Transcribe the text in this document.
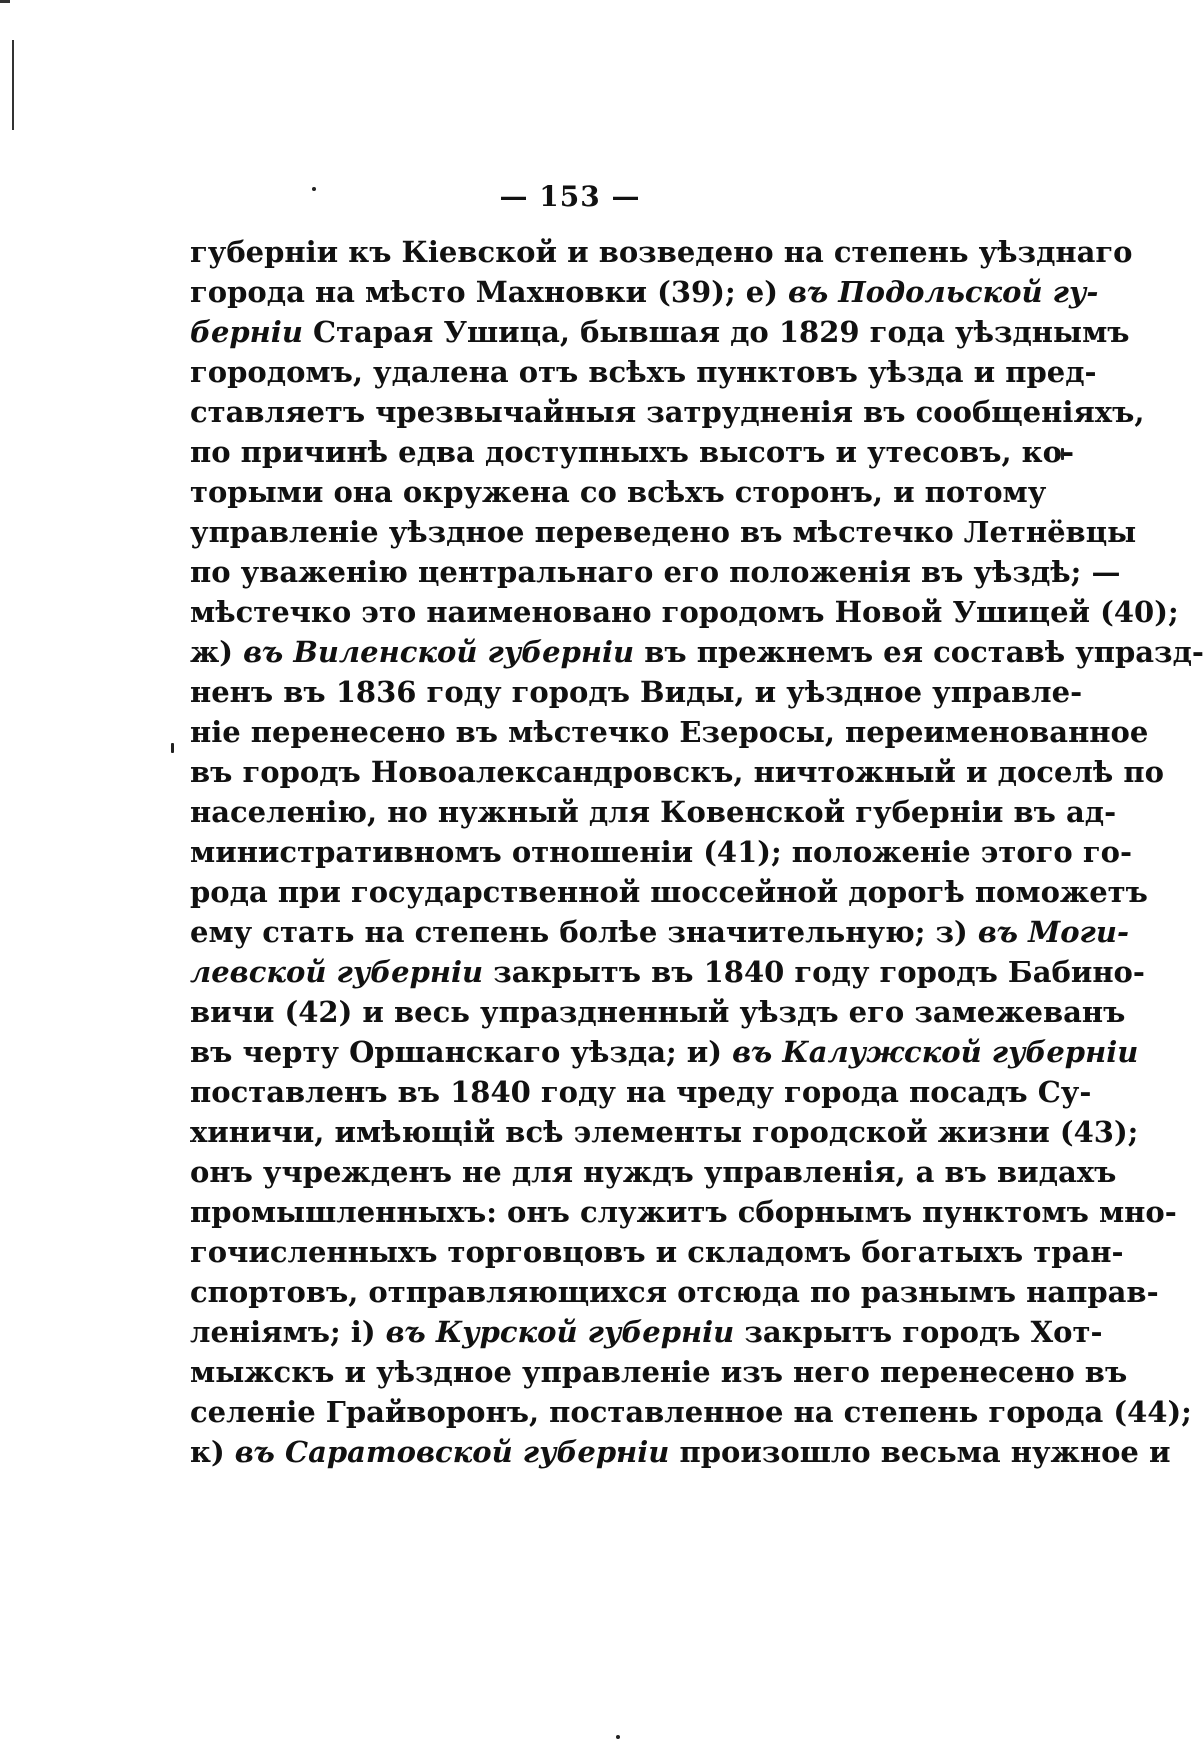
— 153 —
губерніи къ Кіевской и возведено на степень уѣзднаго
города на мѣсто Махновки (39); е) въ Подольской гу-
берніи Старая Ушица, бывшая до 1829 года уѣзднымъ
городомъ, удалена отъ всѣхъ пунктовъ уѣзда и пред-
ставляетъ чрезвычайныя затрудненія въ сообщеніяхъ,
по причинѣ едва доступныхъ высотъ и утесовъ, ко-
торыми она окружена со всѣхъ сторонъ, и потому
управленіе уѣздное переведено въ мѣстечко Летнёвцы
по уваженію центральнаго его положенія въ уѣздѣ; —
мѣстечко это наименовано городомъ Новой Ушицей (40);
ж) въ Виленской губерніи въ прежнемъ ея составѣ упразд-
ненъ въ 1836 году городъ Виды, и уѣздное управле-
ніе перенесено въ мѣстечко Езеросы, переименованное
въ городъ Новоалександровскъ, ничтожный и доселѣ по
населенію, но нужный для Ковенской губерніи въ ад-
министративномъ отношеніи (41); положеніе этого го-
рода при государственной шоссейной дорогѣ поможетъ
ему стать на степень болѣе значительную; з) въ Моги-
левской губерніи закрытъ въ 1840 году городъ Бабино-
вичи (42) и весь упраздненный уѣздъ его замежеванъ
въ черту Оршанскаго уѣзда; и) въ Калужской губерніи
поставленъ въ 1840 году на чреду города посадъ Су-
хиничи, имѣющій всѣ элементы городской жизни (43);
онъ учрежденъ не для нуждъ управленія, а въ видахъ
промышленныхъ: онъ служитъ сборнымъ пунктомъ мно-
гочисленныхъ торговцовъ и складомъ богатыхъ тран-
спортовъ, отправляющихся отсюда по разнымъ направ-
леніямъ; і) въ Курской губерніи закрытъ городъ Хот-
мыжскъ и уѣздное управленіе изъ него перенесено въ
селеніе Грайворонъ, поставленное на степень города (44);
к) въ Саратовской губерніи произошло весьма нужное и
